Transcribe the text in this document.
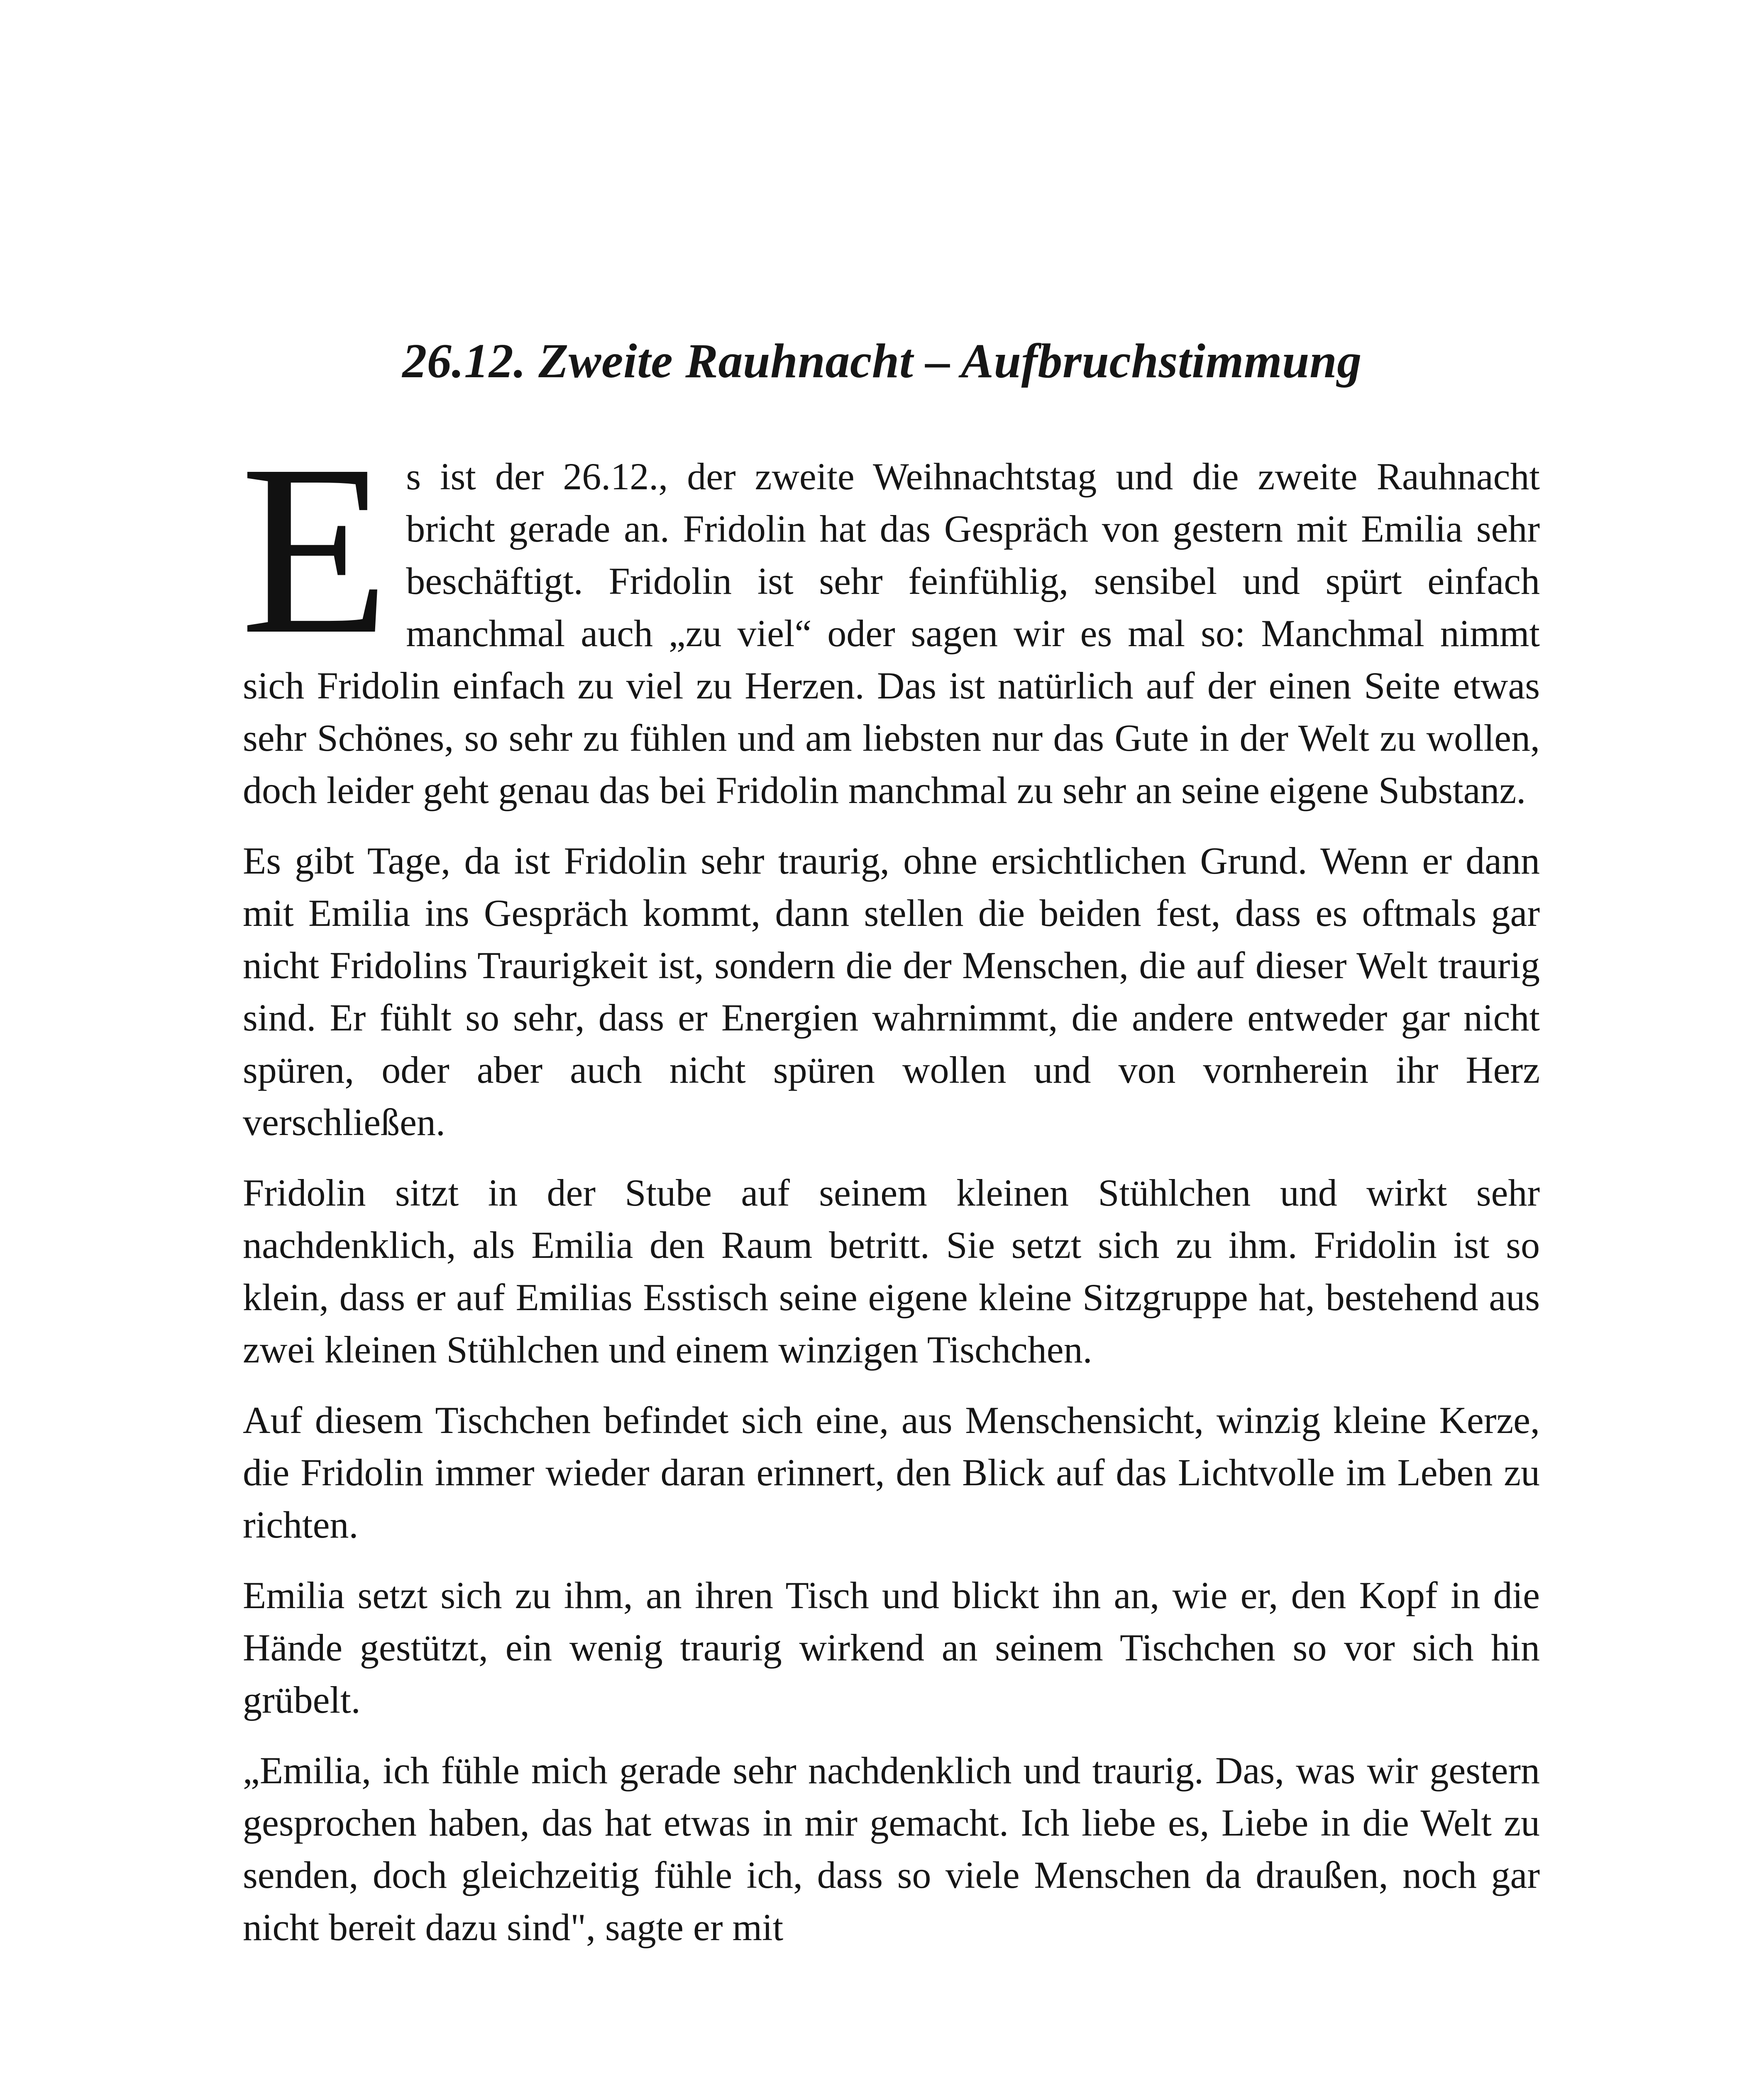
26.12. Zweite Rauhnacht – Aufbruchstimmung

Es ist der 26.12., der zweite Weihnachtstag und die zweite Rauhnacht bricht gerade an. Fridolin hat das Gespräch von gestern mit Emilia sehr beschäftigt. Fridolin ist sehr feinfühlig, sensibel und spürt einfach manchmal auch „zu viel“ oder sagen wir es mal so: Manchmal nimmt sich Fridolin einfach zu viel zu Herzen. Das ist natürlich auf der einen Seite etwas sehr Schönes, so sehr zu fühlen und am liebsten nur das Gute in der Welt zu wollen, doch leider geht genau das bei Fridolin manchmal zu sehr an seine eigene Substanz.

Es gibt Tage, da ist Fridolin sehr traurig, ohne ersichtlichen Grund. Wenn er dann mit Emilia ins Gespräch kommt, dann stellen die beiden fest, dass es oftmals gar nicht Fridolins Traurigkeit ist, sondern die der Menschen, die auf dieser Welt traurig sind. Er fühlt so sehr, dass er Energien wahrnimmt, die andere entweder gar nicht spüren, oder aber auch nicht spüren wollen und von vornherein ihr Herz verschließen.

Fridolin sitzt in der Stube auf seinem kleinen Stühlchen und wirkt sehr nachdenklich, als Emilia den Raum betritt. Sie setzt sich zu ihm. Fridolin ist so klein, dass er auf Emilias Esstisch seine eigene kleine Sitzgruppe hat, bestehend aus zwei kleinen Stühlchen und einem winzigen Tischchen.

Auf diesem Tischchen befindet sich eine, aus Menschensicht, winzig kleine Kerze, die Fridolin immer wieder daran erinnert, den Blick auf das Lichtvolle im Leben zu richten.

Emilia setzt sich zu ihm, an ihren Tisch und blickt ihn an, wie er, den Kopf in die Hände gestützt, ein wenig traurig wirkend an seinem Tischchen so vor sich hin grübelt.

„Emilia, ich fühle mich gerade sehr nachdenklich und traurig. Das, was wir gestern gesprochen haben, das hat etwas in mir gemacht. Ich liebe es, Liebe in die Welt zu senden, doch gleichzeitig fühle ich, dass so viele Menschen da draußen, noch gar nicht bereit dazu sind", sagte er mit
